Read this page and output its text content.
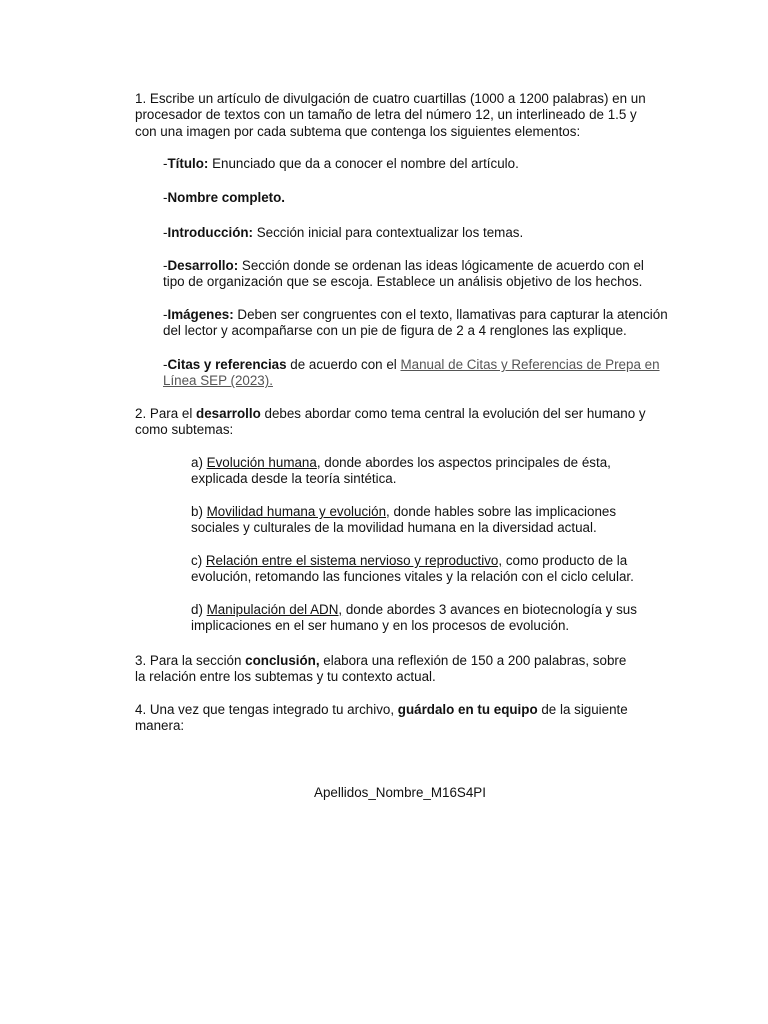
1. Escribe un artículo de divulgación de cuatro cuartillas (1000 a 1200 palabras) en un procesador de textos con un tamaño de letra del número 12, un interlineado de 1.5 y con una imagen por cada subtema que contenga los siguientes elementos:

-Título: Enunciado que da a conocer el nombre del artículo.

-Nombre completo.

-Introducción: Sección inicial para contextualizar los temas.

-Desarrollo: Sección donde se ordenan las ideas lógicamente de acuerdo con el tipo de organización que se escoja. Establece un análisis objetivo de los hechos.

-Imágenes: Deben ser congruentes con el texto, llamativas para capturar la atención del lector y acompañarse con un pie de figura de 2 a 4 renglones las explique.

-Citas y referencias de acuerdo con el Manual de Citas y Referencias de Prepa en Línea SEP (2023).

2. Para el desarrollo debes abordar como tema central la evolución del ser humano y como subtemas:

a) Evolución humana, donde abordes los aspectos principales de ésta, explicada desde la teoría sintética.

b) Movilidad humana y evolución, donde hables sobre las implicaciones sociales y culturales de la movilidad humana en la diversidad actual.

c) Relación entre el sistema nervioso y reproductivo, como producto de la evolución, retomando las funciones vitales y la relación con el ciclo celular.

d) Manipulación del ADN, donde abordes 3 avances en biotecnología y sus implicaciones en el ser humano y en los procesos de evolución.

3. Para la sección conclusión, elabora una reflexión de 150 a 200 palabras, sobre la relación entre los subtemas y tu contexto actual.

4. Una vez que tengas integrado tu archivo, guárdalo en tu equipo de la siguiente manera:

Apellidos_Nombre_M16S4PI
